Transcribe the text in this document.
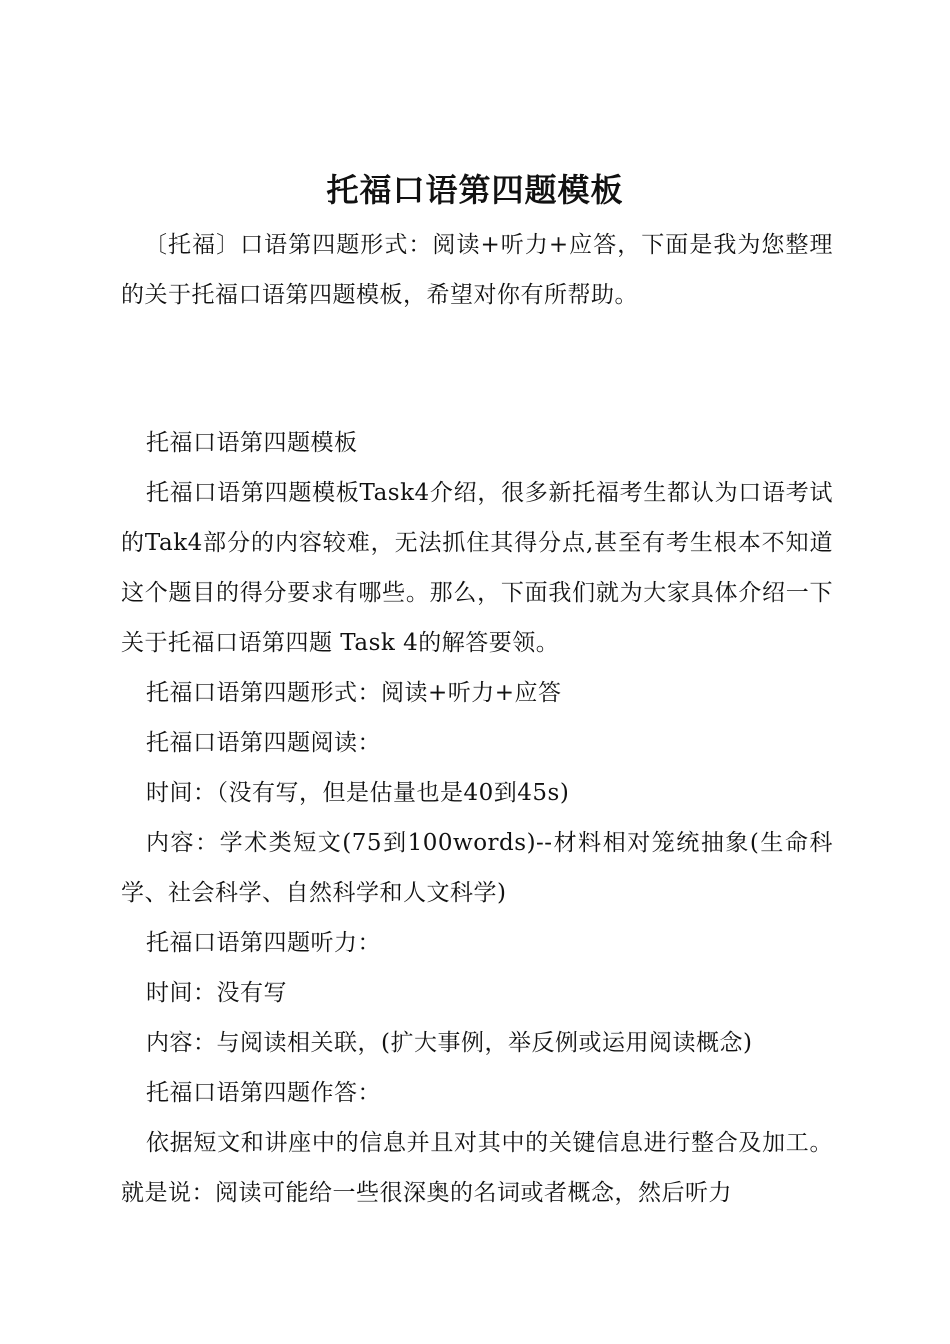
托福口语第四题模板
〔托福〕口语第四题形式：阅读+听力+应答，下面是我为您整理的关于托福口语第四题模板，希望对你有所帮助。

托福口语第四题模板

托福口语第四题模板Task4介绍，很多新托福考生都认为口语考试的Tak4部分的内容较难，无法抓住其得分点,甚至有考生根本不知道这个题目的得分要求有哪些。那么，下面我们就为大家具体介绍一下关于托福口语第四题 Task 4的解答要领。

托福口语第四题形式：阅读+听力+应答

托福口语第四题阅读：

时间：（没有写，但是估量也是40到45s)

内容：学术类短文(75到100words)--材料相对笼统抽象(生命科学、社会科学、自然科学和人文科学)

托福口语第四题听力：

时间：没有写

内容：与阅读相关联，(扩大事例，举反例或运用阅读概念)

托福口语第四题作答：

依据短文和讲座中的信息并且对其中的关键信息进行整合及加工。就是说：阅读可能给一些很深奥的名词或者概念，然后听力
